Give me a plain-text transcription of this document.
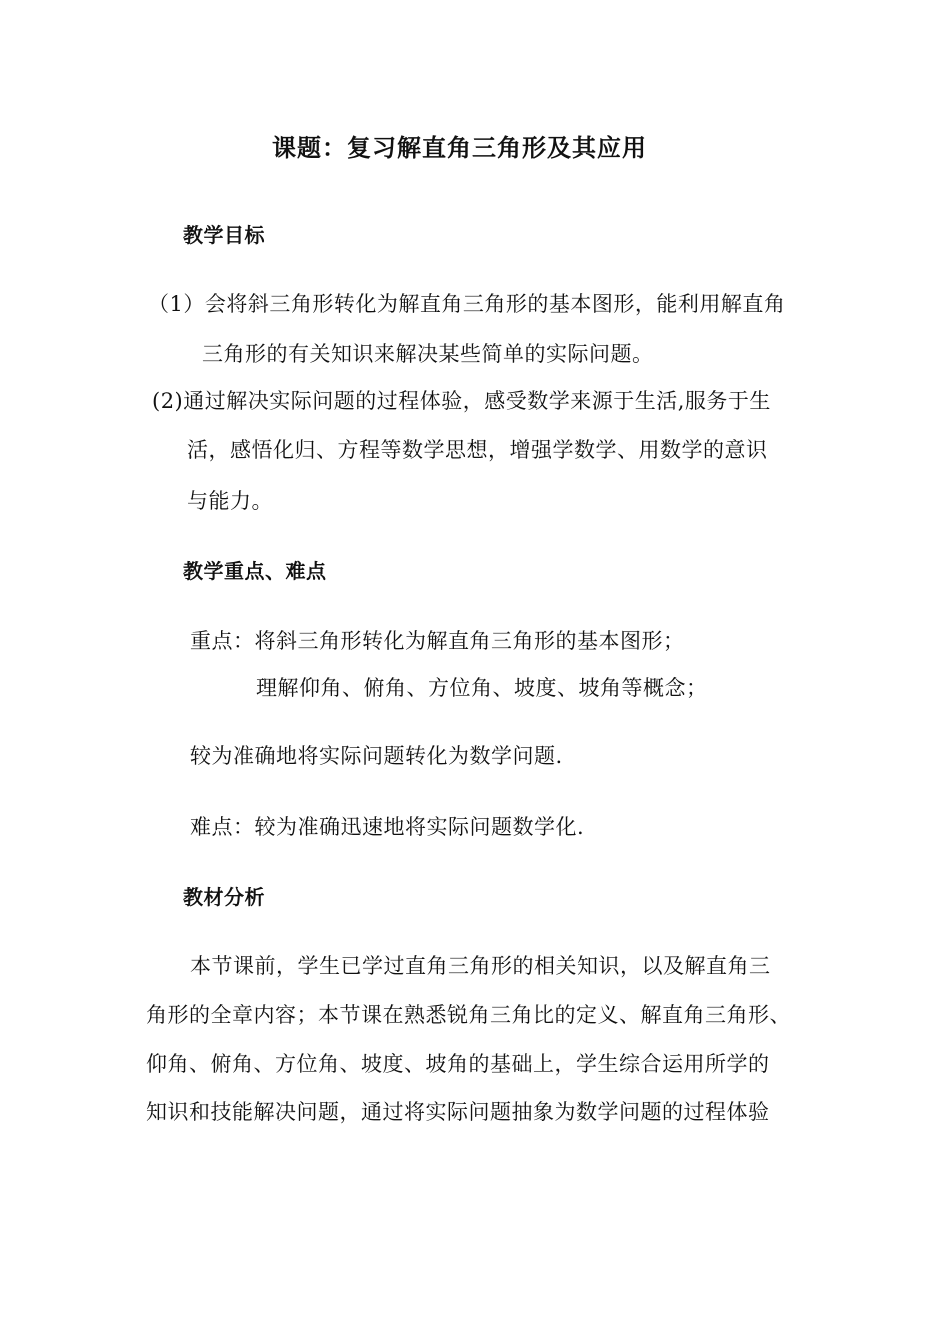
课题：复习解直角三角形及其应用
教学目标
（1）会将斜三角形转化为解直角三角形的基本图形，能利用解直角
三角形的有关知识来解决某些简单的实际问题。
(2)通过解决实际问题的过程体验，感受数学来源于生活,服务于生
活，感悟化归、方程等数学思想，增强学数学、用数学的意识
与能力。
教学重点、难点
重点：将斜三角形转化为解直角三角形的基本图形；
理解仰角、俯角、方位角、坡度、坡角等概念；
较为准确地将实际问题转化为数学问题.
难点：较为准确迅速地将实际问题数学化.
教材分析
本节课前，学生已学过直角三角形的相关知识，以及解直角三
角形的全章内容；本节课在熟悉锐角三角比的定义、解直角三角形、
仰角、俯角、方位角、坡度、坡角的基础上，学生综合运用所学的
知识和技能解决问题，通过将实际问题抽象为数学问题的过程体验
